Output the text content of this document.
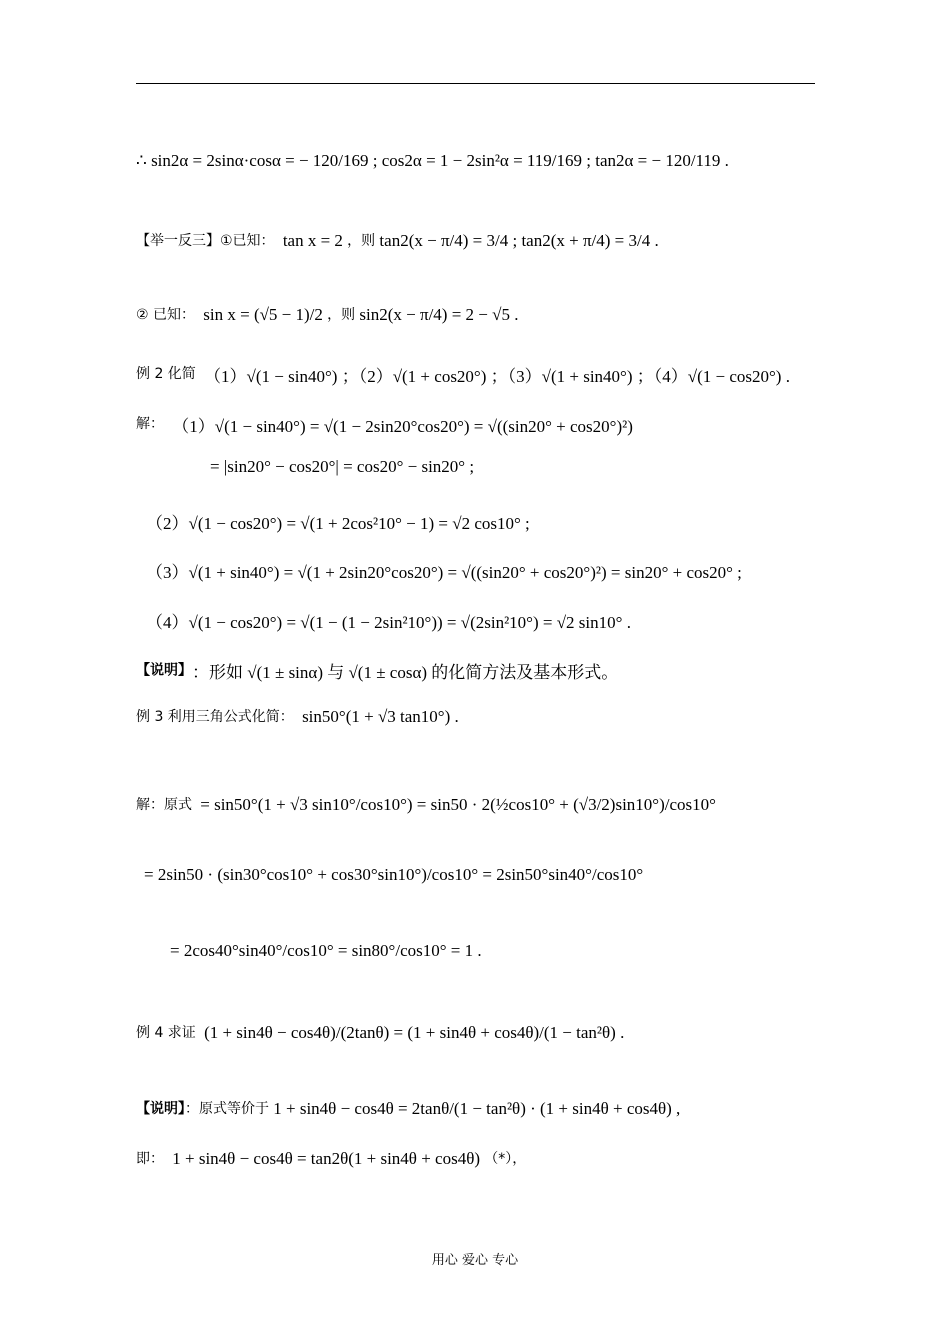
∴ sin2α = 2sinα·cosα = − 120/169 ; cos2α = 1 − 2sin²α = 119/169 ; tan2α = − 120/119 .
【举一反三】①已知： tan x = 2 ，则 tan2(x − π/4) = 3/4 ; tan2(x + π/4) = 3/4 .
② 已知： sin x = (√5 − 1)/2 ，则 sin2(x − π/4) = 2 − √5 .
例 2 化简 （1）√(1 − sin40°) ；（2）√(1 + cos20°) ；（3）√(1 + sin40°) ；（4）√(1 − cos20°) .
解： （1）√(1 − sin40°) = √(1 − 2sin20°cos20°) = √((sin20° + cos20°)²)
= |sin20° − cos20°| = cos20° − sin20° ;
（2）√(1 − cos20°) = √(1 + 2cos²10° − 1) = √2 cos10° ;
（3）√(1 + sin40°) = √(1 + 2sin20°cos20°) = √((sin20° + cos20°)²) = sin20° + cos20° ;
（4）√(1 − cos20°) = √(1 − (1 − 2sin²10°)) = √(2sin²10°) = √2 sin10° .
【说明】：形如 √(1 ± sinα) 与 √(1 ± cosα) 的化简方法及基本形式。
例 3 利用三角公式化简： sin50°(1 + √3 tan10°) .
解：原式 = sin50°(1 + √3 sin10°/cos10°) = sin50 · 2(½cos10° + (√3/2)sin10°)/cos10°
= 2sin50 · (sin30°cos10° + cos30°sin10°)/cos10° = 2sin50°sin40°/cos10°
= 2cos40°sin40°/cos10° = sin80°/cos10° = 1 .
例 4 求证 (1 + sin4θ − cos4θ)/(2tanθ) = (1 + sin4θ + cos4θ)/(1 − tan²θ) .
【说明】：原式等价于 1 + sin4θ − cos4θ = 2tanθ/(1 − tan²θ) · (1 + sin4θ + cos4θ) ,
即： 1 + sin4θ − cos4θ = tan2θ(1 + sin4θ + cos4θ) （*），
用心 爱心 专心
